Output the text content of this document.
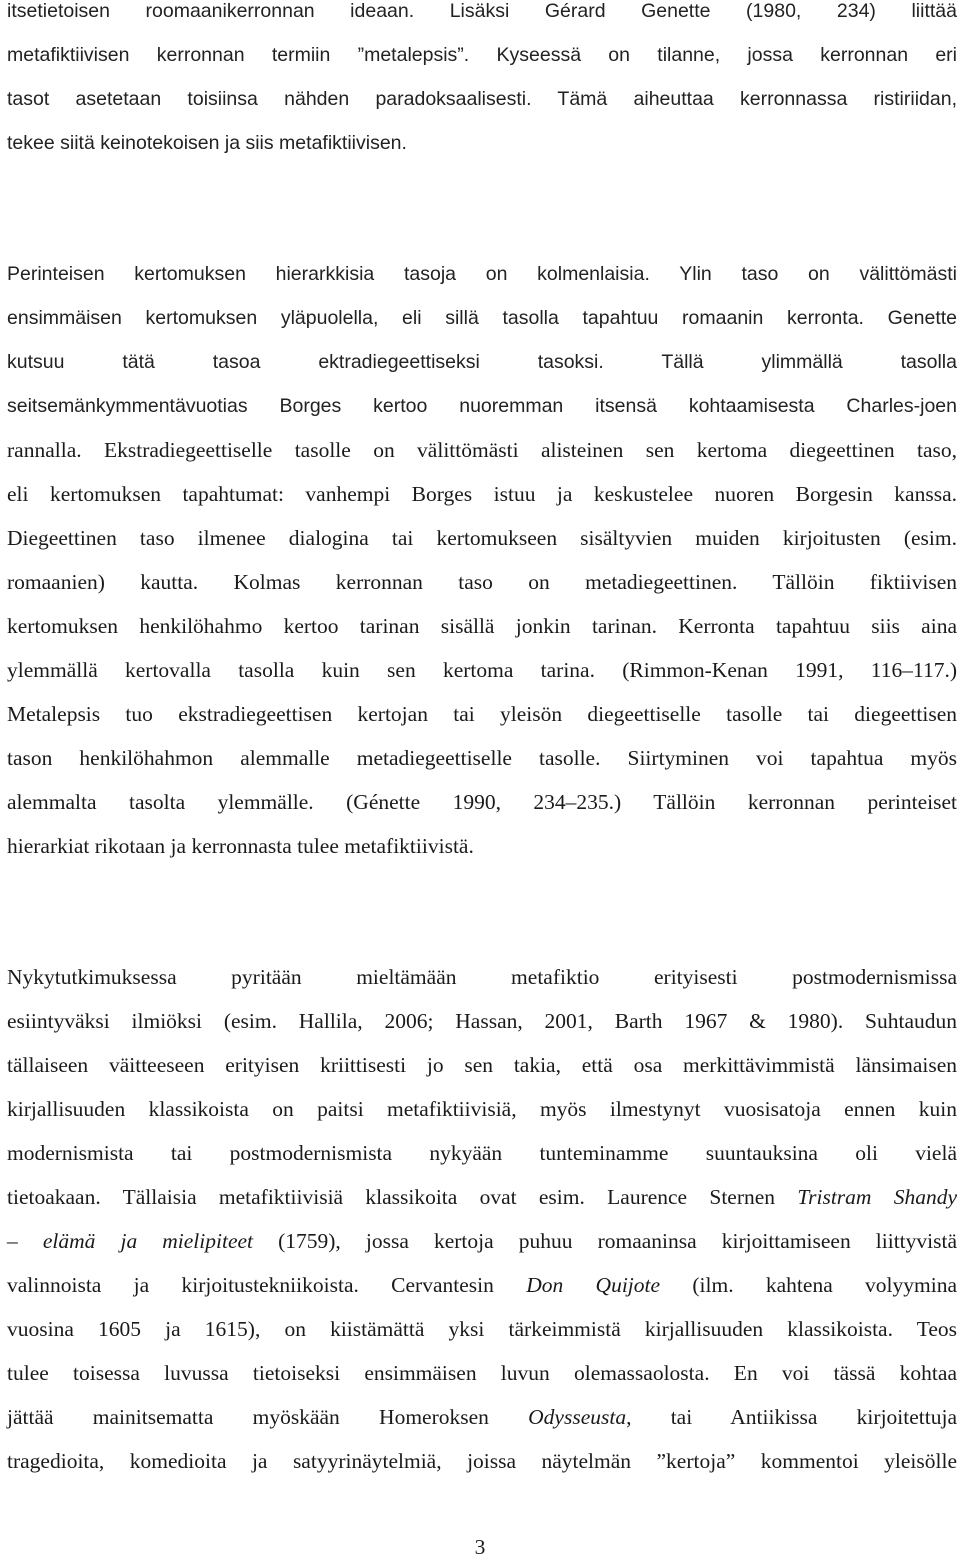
itsetietoisen roomaanikerronnan ideaan. Lisäksi Gérard Genette (1980, 234) liittää
metafiktiivisen kerronnan termiin ”metalepsis”. Kyseessä on tilanne, jossa kerronnan eri
tasot asetetaan toisiinsa nähden paradoksaalisesti. Tämä aiheuttaa kerronnassa ristiriidan,
tekee siitä keinotekoisen ja siis metafiktiivisen.
Perinteisen kertomuksen hierarkkisia tasoja on kolmenlaisia. Ylin taso on välittömästi
ensimmäisen kertomuksen yläpuolella, eli sillä tasolla tapahtuu romaanin kerronta. Genette
kutsuu tätä tasoa ektradiegeettiseksi tasoksi. Tällä ylimmällä tasolla
seitsemänkymmentävuotias Borges kertoo nuoremman itsensä kohtaamisesta Charles-joen
rannalla. Ekstradiegeettiselle tasolle on välittömästi alisteinen sen kertoma diegeettinen taso,
eli kertomuksen tapahtumat: vanhempi Borges istuu ja keskustelee nuoren Borgesin kanssa.
Diegeettinen taso ilmenee dialogina tai kertomukseen sisältyvien muiden kirjoitusten (esim.
romaanien) kautta. Kolmas kerronnan taso on metadiegeettinen. Tällöin fiktiivisen
kertomuksen henkilöhahmo kertoo tarinan sisällä jonkin tarinan. Kerronta tapahtuu siis aina
ylemmällä kertovalla tasolla kuin sen kertoma tarina. (Rimmon-Kenan 1991, 116–117.)
Metalepsis tuo ekstradiegeettisen kertojan tai yleisön diegeettiselle tasolle tai diegeettisen
tason henkilöhahmon alemmalle metadiegeettiselle tasolle. Siirtyminen voi tapahtua myös
alemmalta tasolta ylemmälle. (Génette 1990, 234–235.) Tällöin kerronnan perinteiset
hierarkiat rikotaan ja kerronnasta tulee metafiktiivistä.
Nykytutkimuksessa pyritään mieltämään metafiktio erityisesti postmodernismissa
esiintyväksi ilmiöksi (esim. Hallila, 2006; Hassan, 2001, Barth 1967 & 1980). Suhtaudun
tällaiseen väitteeseen erityisen kriittisesti jo sen takia, että osa merkittävimmistä länsimaisen
kirjallisuuden klassikoista on paitsi metafiktiivisiä, myös ilmestynyt vuosisatoja ennen kuin
modernismista tai postmodernismista nykyään tunteminamme suuntauksina oli vielä
tietoakaan. Tällaisia metafiktiivisiä klassikoita ovat esim. Laurence Sternen Tristram Shandy
– elämä ja mielipiteet (1759), jossa kertoja puhuu romaaninsa kirjoittamiseen liittyvistä
valinnoista ja kirjoitustekniikoista. Cervantesin Don Quijote (ilm. kahtena volyymina
vuosina 1605 ja 1615), on kiistämättä yksi tärkeimmistä kirjallisuuden klassikoista. Teos
tulee toisessa luvussa tietoiseksi ensimmäisen luvun olemassaolosta. En voi tässä kohtaa
jättää mainitsematta myöskään Homeroksen Odysseusta, tai Antiikissa kirjoitettuja
tragedioita, komedioita ja satyyrinäytelmiä, joissa näytelmän ”kertoja” kommentoi yleisölle
3
